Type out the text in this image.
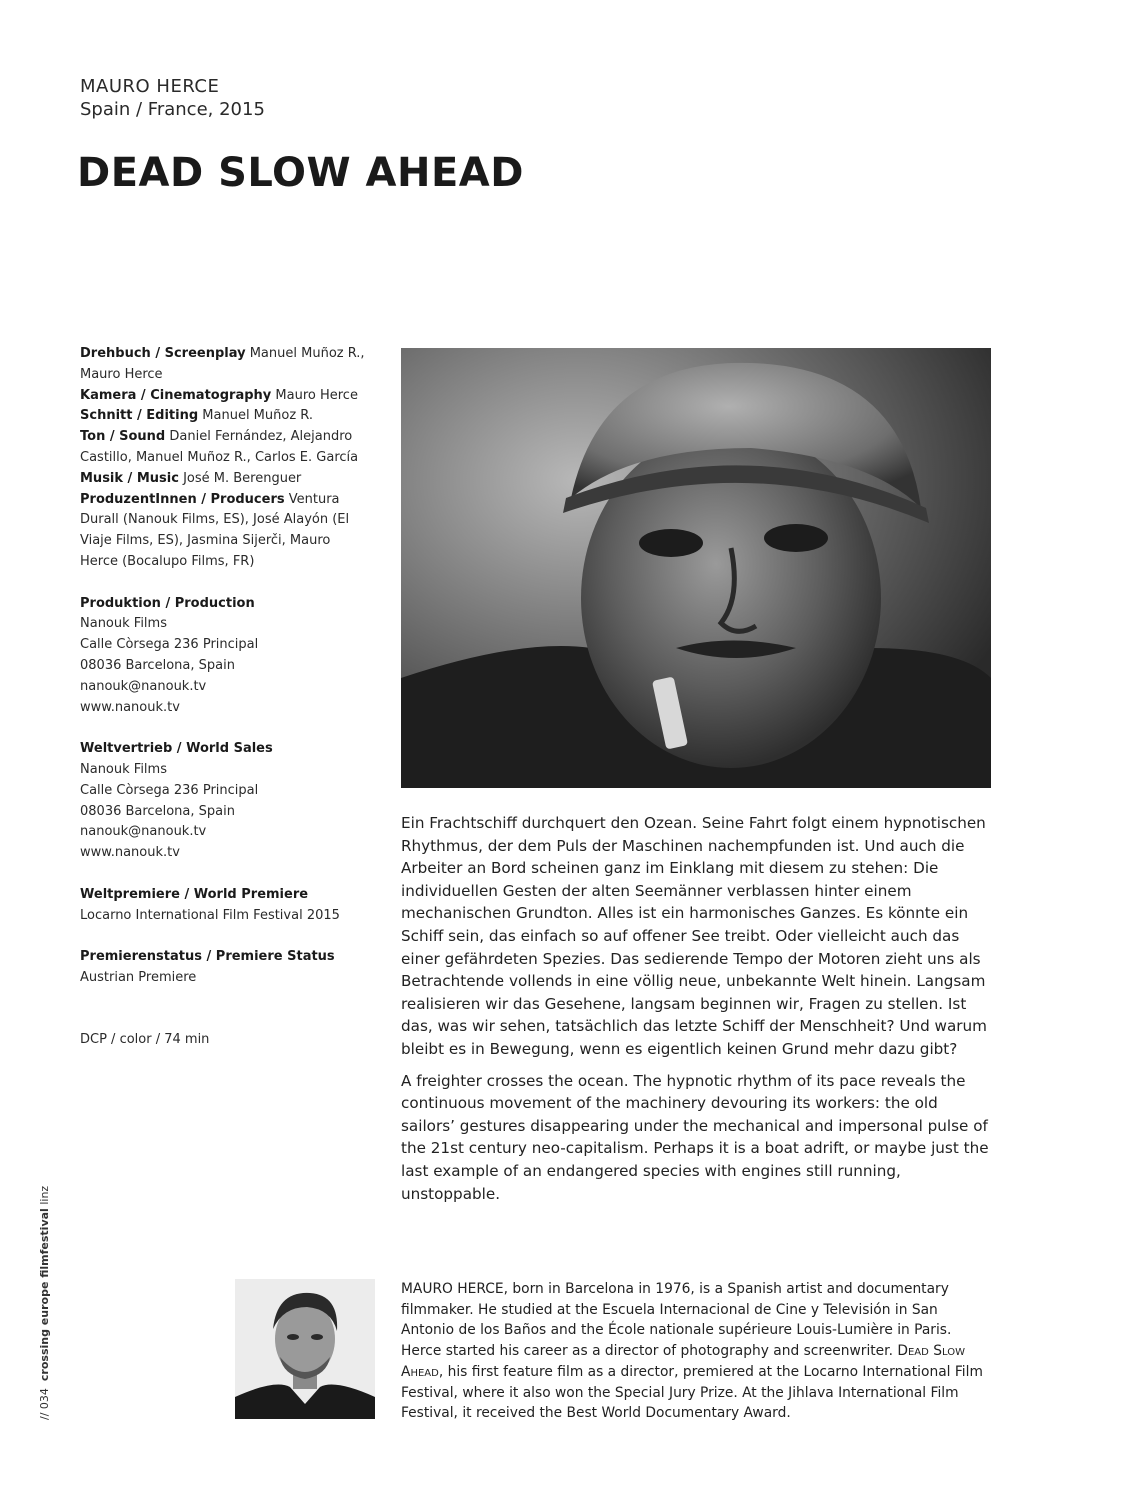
MAURO HERCE
Spain / France, 2015
DEAD SLOW AHEAD

Drehbuch / Screenplay Manuel Muñoz R., Mauro Herce

Kamera / Cinematography Mauro Herce

Schnitt / Editing Manuel Muñoz R.

Ton / Sound Daniel Fernández, Alejandro Castillo, Manuel Muñoz R., Carlos E. García

Musik / Music José M. Berenguer

ProduzentInnen / Producers Ventura Durall (Nanouk Films, ES), José Alayón (El Viaje Films, ES), Jasmina Sijerči, Mauro Herce (Bocalupo Films, FR)

Produktion / Production

Nanouk Films

Calle Còrsega 236 Principal

08036 Barcelona, Spain

nanouk@nanouk.tv

www.nanouk.tv

Weltvertrieb / World Sales

Nanouk Films

Calle Còrsega 236 Principal

08036 Barcelona, Spain

nanouk@nanouk.tv

www.nanouk.tv

Weltpremiere / World Premiere

Locarno International Film Festival 2015

Premierenstatus / Premiere Status

Austrian Premiere

DCP / color / 74 min

Ein Frachtschiff durchquert den Ozean. Seine Fahrt folgt einem hypnotischen Rhythmus, der dem Puls der Maschinen nachempfunden ist. Und auch die Arbeiter an Bord scheinen ganz im Einklang mit diesem zu stehen: Die individuellen Gesten der alten Seemänner verblassen hinter einem mechanischen Grundton. Alles ist ein harmonisches Ganzes. Es könnte ein Schiff sein, das einfach so auf offener See treibt. Oder vielleicht auch das einer gefährdeten Spezies. Das sedierende Tempo der Motoren zieht uns als Betrachtende vollends in eine völlig neue, unbekannte Welt hinein. Langsam realisieren wir das Gesehene, langsam beginnen wir, Fragen zu stellen. Ist das, was wir sehen, tatsächlich das letzte Schiff der Menschheit? Und warum bleibt es in Bewegung, wenn es eigentlich keinen Grund mehr dazu gibt?

A freighter crosses the ocean. The hypnotic rhythm of its pace reveals the continuous movement of the machinery devouring its workers: the old sailors’ gestures disappearing under the mechanical and impersonal pulse of the 21st century neo-capitalism. Perhaps it is a boat adrift, or maybe just the last example of an endangered species with engines still running, unstoppable.

MAURO HERCE, born in Barcelona in 1976, is a Spanish artist and documentary filmmaker. He studied at the Escuela Internacional de Cine y Televisión in San Antonio de los Baños and the École nationale supérieure Louis-Lumière in Paris. Herce started his career as a director of photography and screenwriter. Dead Slow Ahead, his first feature film as a director, premiered at the Locarno International Film Festival, where it also won the Special Jury Prize. At the Jihlava International Film Festival, it received the Best World Documentary Award.

// 034  crossing europe filmfestival linz
